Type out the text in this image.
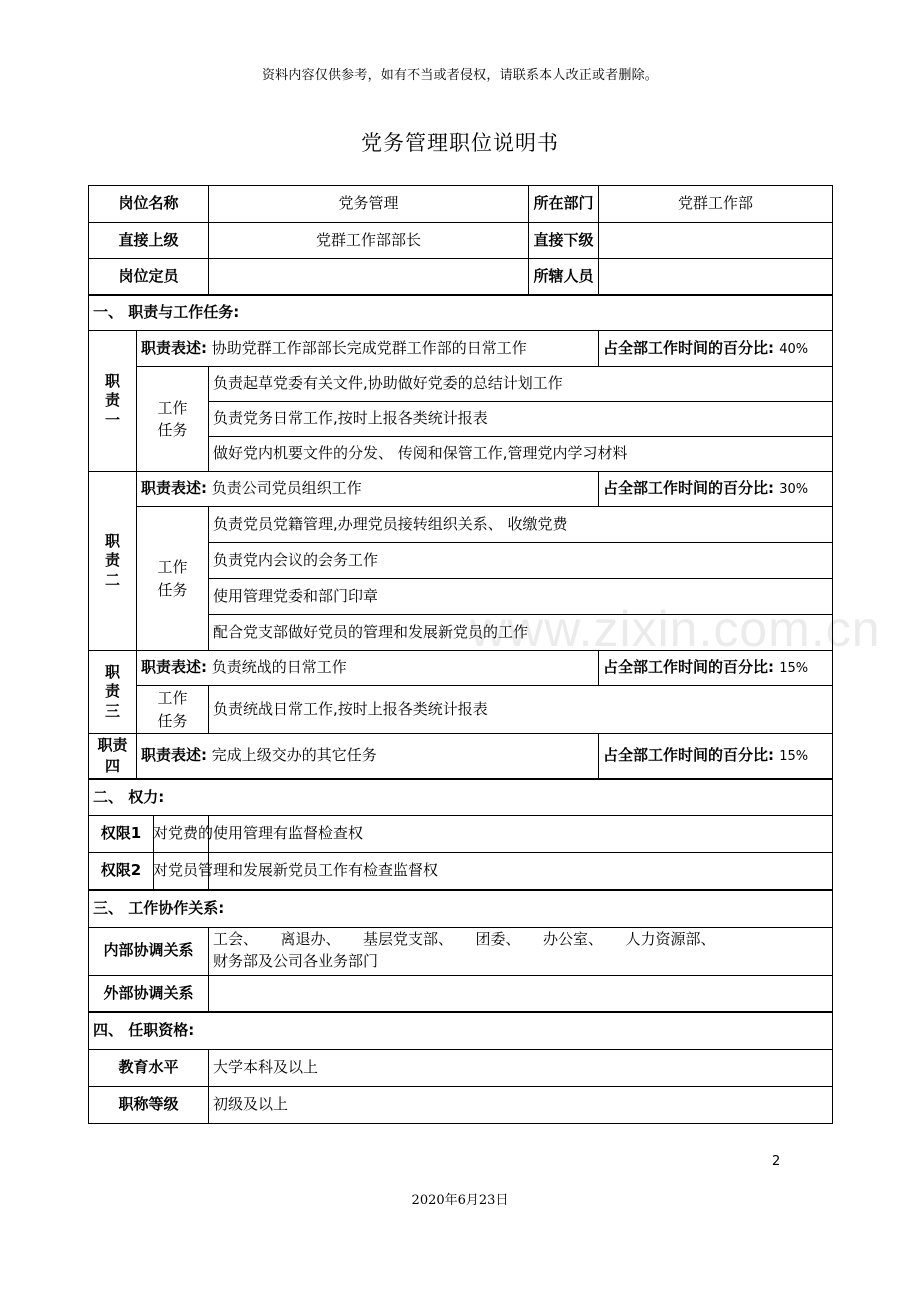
资料内容仅供参考，如有不当或者侵权，请联系本人改正或者删除。
党务管理职位说明书
岗位名称		党务管理	所在部门	党群工作部
直接上级		党群工作部部长	直接下级	
岗位定员			所辖人员	
一、 职责与工作任务:				
职
责
一	职责表述: 协助党群工作部部长完成党群工作部的日常工作			占全部工作时间的百分比: 40%
	工作
任务	负责起草党委有关文件,协助做好党委的总结计划工作		
		负责党务日常工作,按时上报各类统计报表		
		做好党内机要文件的分发、 传阅和保管工作,管理党内学习材料		
职
责
二	职责表述: 负责公司党员组织工作			占全部工作时间的百分比: 30%
	工作
任务	负责党员党籍管理,办理党员接转组织关系、 收缴党费		
		负责党内会议的会务工作		
		使用管理党委和部门印章		
		配合党支部做好党员的管理和发展新党员的工作		
职
责
三	职责表述: 负责统战的日常工作			占全部工作时间的百分比: 15%
	工作
任务	负责统战日常工作,按时上报各类统计报表		
职责
四	职责表述: 完成上级交办的其它任务			占全部工作时间的百分比: 15%
二、 权力:				

权限1		对党费的使用管理有监督检查权		

权限2		对党员管理和发展新党员工作有检查监督权		
三、 工作协作关系:				
内部协调关系		工会、　　离退办、　　基层党支部、　　团委、　　办公室、　　人力资源部、
财务部及公司各业务部门		

外部协调关系				
四、 任职资格:				
教育水平		大学本科及以上		
职称等级		初级及以上		
www.zixin.com.cn
2
2020年6月23日
